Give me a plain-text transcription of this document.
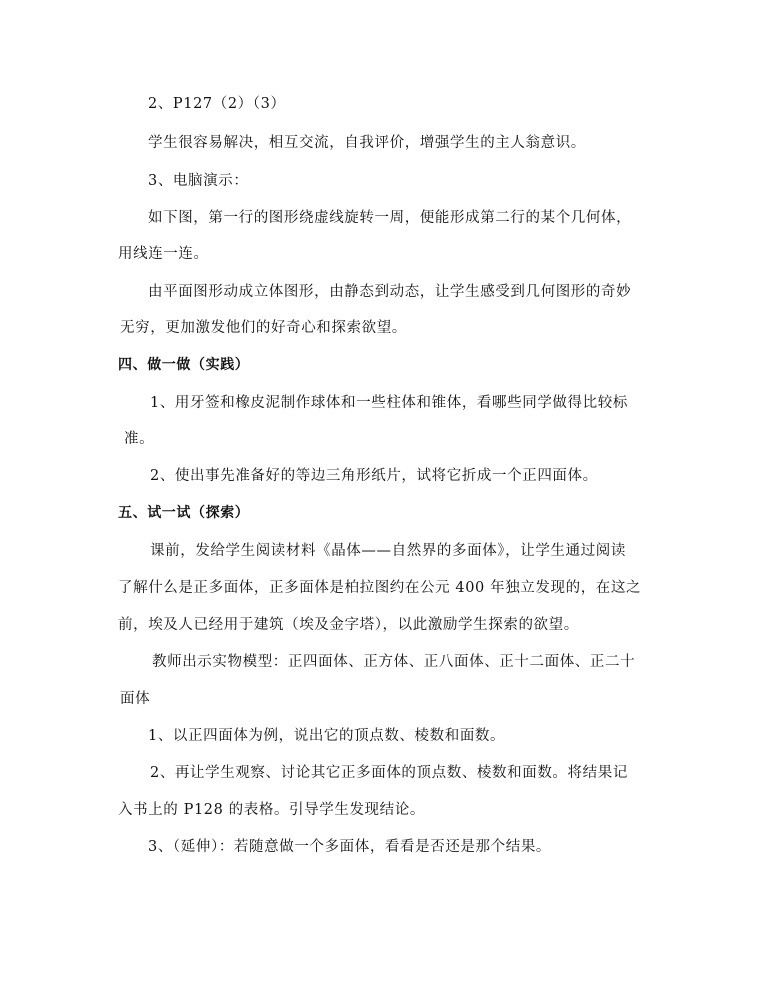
2、P127（2）（3）
学生很容易解决，相互交流，自我评价，增强学生的主人翁意识。
3、电脑演示：
如下图，第一行的图形绕虚线旋转一周，便能形成第二行的某个几何体，
用线连一连。
由平面图形动成立体图形，由静态到动态，让学生感受到几何图形的奇妙
无穷，更加激发他们的好奇心和探索欲望。
四、做一做（实践）
1、用牙签和橡皮泥制作球体和一些柱体和锥体，看哪些同学做得比较标
准。
2、使出事先准备好的等边三角形纸片，试将它折成一个正四面体。
五、试一试（探索）
课前，发给学生阅读材料《晶体——自然界的多面体》，让学生通过阅读
了解什么是正多面体，正多面体是柏拉图约在公元 400 年独立发现的，在这之
前，埃及人已经用于建筑（埃及金字塔），以此激励学生探索的欲望。
教师出示实物模型：正四面体、正方体、正八面体、正十二面体、正二十
面体
1、以正四面体为例，说出它的顶点数、棱数和面数。
2、再让学生观察、讨论其它正多面体的顶点数、棱数和面数。将结果记
入书上的 P128 的表格。引导学生发现结论。
3、（延伸）：若随意做一个多面体，看看是否还是那个结果。
